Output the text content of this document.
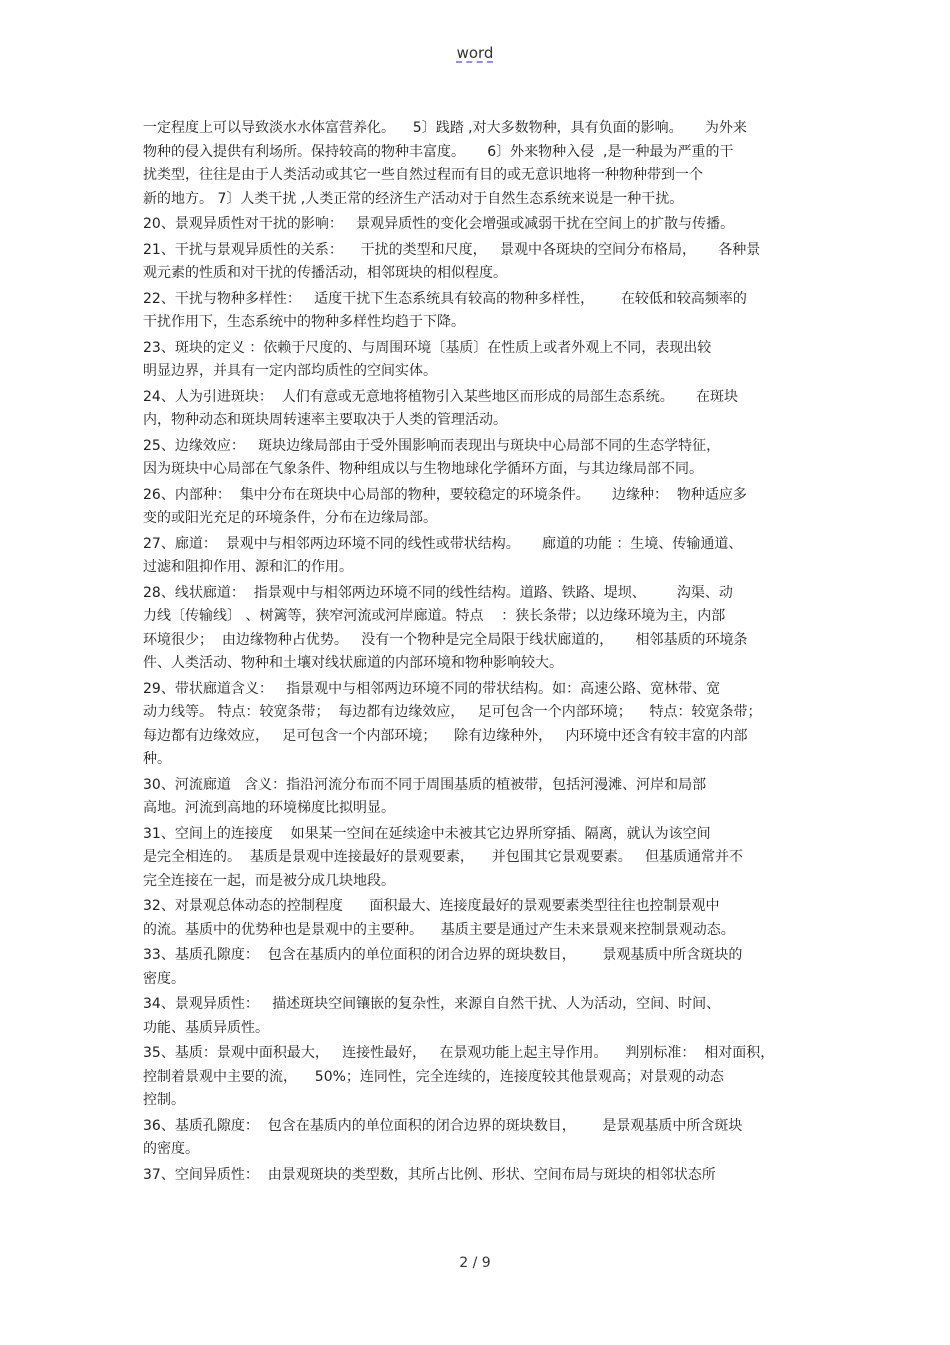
word
一定程度上可以导致淡水水体富营养化。    5〕践踏 ,对大多数物种，具有负面的影响。     为外来
物种的侵入提供有利场所。保持较高的物种丰富度。     6〕外来物种入侵  ,是一种最为严重的干
扰类型，往往是由于人类活动或其它一些自然过程而有目的或无意识地将一种物种带到一个
新的地方。 7〕人类干扰 ,人类正常的经济生产活动对于自然生态系统来说是一种干扰。
20、景观异质性对干扰的影响：   景观异质性的变化会增强或减弱干扰在空间上的扩散与传播。
21、干扰与景观异质性的关系：    干扰的类型和尺度，   景观中各斑块的空间分布格局，     各种景
观元素的性质和对干扰的传播活动，相邻斑块的相似程度。
22、干扰与物种多样性：   适度干扰下生态系统具有较高的物种多样性，      在较低和较高频率的
干扰作用下，生态系统中的物种多样性均趋于下降。
23、斑块的定义 ：依赖于尺度的、与周围环境〔基质〕在性质上或者外观上不同，表现出较
明显边界，并具有一定内部均质性的空间实体。
24、人为引进斑块：  人们有意或无意地将植物引入某些地区而形成的局部生态系统。     在斑块
内，物种动态和斑块周转速率主要取决于人类的管理活动。
25、边缘效应：   斑块边缘局部由于受外围影响而表现出与斑块中心局部不同的生态学特征，
因为斑块中心局部在气象条件、物种组成以与生物地球化学循环方面，与其边缘局部不同。
26、内部种：  集中分布在斑块中心局部的物种，要较稳定的环境条件。     边缘种：  物种适应多
变的或阳光充足的环境条件，分布在边缘局部。
27、廊道：  景观中与相邻两边环境不同的线性或带状结构。     廊道的功能 ：生境、传输通道、
过滤和阻抑作用、源和汇的作用。
28、线状廊道：  指景观中与相邻两边环境不同的线性结构。道路、铁路、堤坝、       沟渠、动
力线〔传输线〕 、树篱等，狭窄河流或河岸廊道。特点    ：狭长条带；以边缘环境为主，内部
环境很少；  由边缘物种占优势。   没有一个物种是完全局限于线状廊道的，     相邻基质的环境条
件、人类活动、物种和土壤对线状廊道的内部环境和物种影响较大。
29、带状廊道含义：   指景观中与相邻两边环境不同的带状结构。如：高速公路、宽林带、宽
动力线等。 特点：较宽条带；  每边都有边缘效应，   足可包含一个内部环境；    特点：较宽条带；
每边都有边缘效应，   足可包含一个内部环境；    除有边缘种外，   内环境中还含有较丰富的内部
种。
30、河流廊道   含义：指沿河流分布而不同于周围基质的植被带，包括河漫滩、河岸和局部
高地。河流到高地的环境梯度比拟明显。
31、空间上的连接度    如果某一空间在延续途中未被其它边界所穿插、隔离，就认为该空间
是完全相连的。  基质是景观中连接最好的景观要素，    并包围其它景观要素。   但基质通常并不
完全连接在一起，而是被分成几块地段。
32、对景观总体动态的控制程度      面积最大、连接度最好的景观要素类型往往也控制景观中
的流。基质中的优势种也是景观中的主要种。    基质主要是通过产生未来景观来控制景观动态。
33、基质孔隙度：  包含在基质内的单位面积的闭合边界的斑块数目，      景观基质中所含斑块的
密度。
34、景观异质性：   描述斑块空间镶嵌的复杂性，来源自自然干扰、人为活动，空间、时间、
功能、基质异质性。
35、基质：景观中面积最大，   连接性最好，   在景观功能上起主导作用。    判别标准：  相对面积，
控制着景观中主要的流，    50%；连同性，完全连续的，连接度较其他景观高；对景观的动态
控制。
36、基质孔隙度：  包含在基质内的单位面积的闭合边界的斑块数目，      是景观基质中所含斑块
的密度。
37、空间异质性：  由景观斑块的类型数，其所占比例、形状、空间布局与斑块的相邻状态所
2 / 9
